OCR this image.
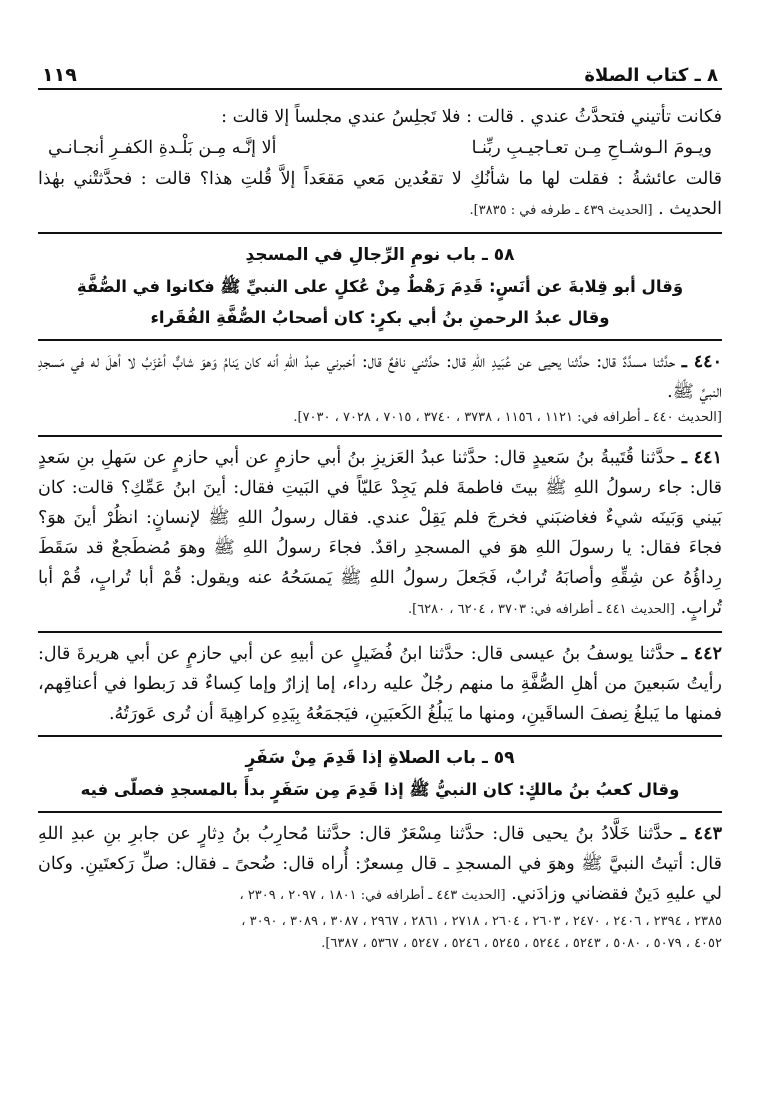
٨ ـ كتاب الصلاة
١١٩

فكانت تأتيني فتحدَّثُ عندي . قالت : فلا تَجلِسُ عندي مجلساً إلا قالت :

ويـومَ الـوشـاحِ مِـن تعـاجيـبِ ربِّنـا
ألا إنَّـه مِـن بَلْـدةِ الكفـرِ أنجـانـي

قالت عائشةُ : فقلت لها ما شأنُكِ لا تقعُدين مَعي مَقعَداً إلاَّ قُلتِ هذا؟ قالت : فحدَّثتْني بهٰذا الحديث . [الحديث ٤٣٩ ـ طرفه في : ٣٨٣٥].

٥٨ ـ باب نومِ الرِّجالِ في المسجدِ
وَقال أبو قِلابةَ عن أنَسٍ: قَدِمَ رَهْطٌ مِنْ عُكلٍ على النبيِّ ﷺ فكانوا في الصُّفَّةِ
وقال عبدُ الرحمنِ بنُ أبي بكرٍ: كان أصحابُ الصُّفَّةِ الفُقَراء

٤٤٠ ـ حدَّثنا مسدَّدٌ قال: حدَّثنا يحيى عن عُبَيدِ اللهِ قال: حدَّثني نافعٌ قال: أخبرني عبدُ اللهِ أنه كان يَنامُ وَهوَ شابٌّ أعْزَبُ لا أهلَ له في مَسجدِ النبيِّ ﷺ.

[الحديث ٤٤٠ ـ أطرافه في: ١١٢١ ، ١١٥٦ ، ٣٧٣٨ ، ٣٧٤٠ ، ٧٠١٥ ، ٧٠٢٨ ، ٧٠٣٠].

٤٤١ ـ حدَّثنا قُتَيبةُ بنُ سَعيدٍ قال: حدَّثنا عبدُ العَزيزِ بنُ أبي حازمٍ عن أبي حازمٍ عن سَهلِ بنِ سَعدٍ قال: جاء رسولُ اللهِ ﷺ بيتَ فاطمةَ فلم يَجِدْ عَليّاً في البَيتِ فقال: أينَ ابنُ عَمِّكِ؟ قالت: كان بَيني وَبَينَه شيءٌ فغاضبَني فخرجَ فلم يَقِلْ عندي. فقال رسولُ اللهِ ﷺ لإنسانٍ: انظُرْ أينَ هوَ؟ فجاءَ فقال: يا رسولَ اللهِ هوَ في المسجدِ راقدٌ. فجاءَ رسولُ اللهِ ﷺ وهوَ مُضطَجعٌ قد سَقَطَ رِداؤُهُ عن شِقِّهِ وأصابَهُ تُرابٌ، فَجَعلَ رسولُ اللهِ ﷺ يَمسَحُهُ عنه ويقول: قُمْ أبا تُرابٍ، قُمْ أبا تُرابٍ. [الحديث ٤٤١ ـ أطرافه في: ٣٧٠٣ ، ٦٢٠٤ ، ٦٢٨٠].

٤٤٢ ـ حدَّثنا يوسفُ بنُ عيسى قال: حدَّثنا ابنُ فُضَيلٍ عن أبيهِ عن أبي حازمٍ عن أبي هريرةَ قال: رأيتُ سَبعينَ من أهلِ الصُّفَّةِ ما منهم رجُلٌ عليه رداء، إما إزارٌ وإما كِساءٌ قد رَبطوا في أعناقِهم، فمنها ما يَبلغُ نِصفَ الساقَينِ، ومنها ما يَبلُغُ الكَعبَينِ، فيَجمَعُهُ بِيَدِهِ كراهِيةَ أن تُرى عَورَتُهُ.

٥٩ ـ باب الصلاةِ إذا قَدِمَ مِنْ سَفَرٍ
وقال كعبُ بنُ مالكٍ: كان النبيُّ ﷺ إذا قَدِمَ مِن سَفَرٍ بدأَ بالمسجدِ فصلّى فيه

٤٤٣ ـ حدَّثنا خَلَّادُ بنُ يحيى قال: حدَّثنا مِسْعَرٌ قال: حدَّثنا مُحارِبُ بنُ دِثارٍ عن جابرِ بنِ عبدِ اللهِ قال: أتيتُ النبيَّ ﷺ وهوَ في المسجدِ ـ قال مِسعرٌ: أُراه قال: ضُحىً ـ فقال: صلِّ رَكعتَينِ. وكان لي عليهِ دَينٌ فقضاني وزادَني. [الحديث ٤٤٣ ـ أطرافه في: ١٨٠١ ، ٢٠٩٧ ، ٢٣٠٩ ،

٢٣٨٥ ، ٢٣٩٤ ، ٢٤٠٦ ، ٢٤٧٠ ، ٢٦٠٣ ، ٢٦٠٤ ، ٢٧١٨ ، ٢٨٦١ ، ٢٩٦٧ ، ٣٠٨٧ ، ٣٠٨٩ ، ٣٠٩٠ ،
٤٠٥٢ ، ٥٠٧٩ ، ٥٠٨٠ ، ٥٢٤٣ ، ٥٢٤٤ ، ٥٢٤٥ ، ٥٢٤٦ ، ٥٢٤٧ ، ٥٣٦٧ ، ٦٣٨٧].
